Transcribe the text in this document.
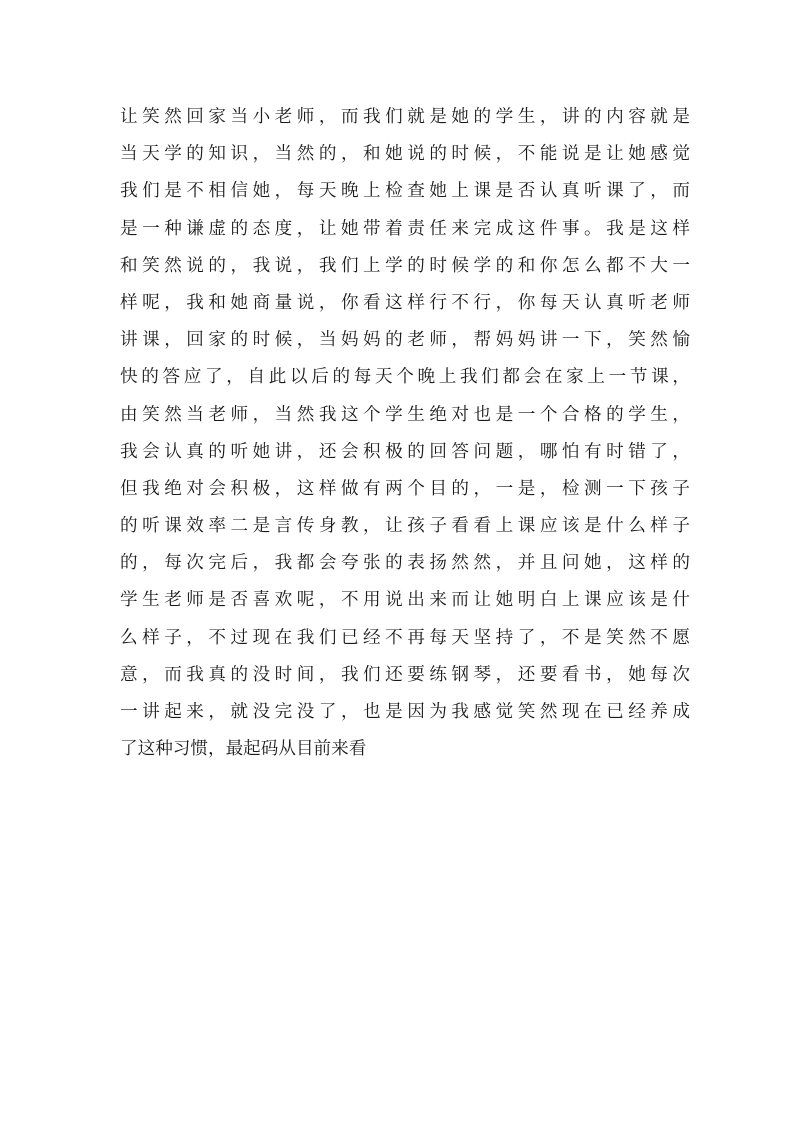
让笑然回家当小老师，而我们就是她的学生，讲的内容就是
当天学的知识，当然的，和她说的时候，不能说是让她感觉
我们是不相信她，每天晚上检查她上课是否认真听课了，而
是一种谦虚的态度，让她带着责任来完成这件事。我是这样
和笑然说的，我说，我们上学的时候学的和你怎么都不大一
样呢，我和她商量说，你看这样行不行，你每天认真听老师
讲课，回家的时候，当妈妈的老师，帮妈妈讲一下，笑然愉
快的答应了，自此以后的每天个晚上我们都会在家上一节课，
由笑然当老师，当然我这个学生绝对也是一个合格的学生，
我会认真的听她讲，还会积极的回答问题，哪怕有时错了，
但我绝对会积极，这样做有两个目的，一是，检测一下孩子
的听课效率二是言传身教，让孩子看看上课应该是什么样子
的，每次完后，我都会夸张的表扬然然，并且问她，这样的
学生老师是否喜欢呢，不用说出来而让她明白上课应该是什
么样子，不过现在我们已经不再每天坚持了，不是笑然不愿
意，而我真的没时间，我们还要练钢琴，还要看书，她每次
一讲起来，就没完没了，也是因为我感觉笑然现在已经养成
了这种习惯，最起码从目前来看
